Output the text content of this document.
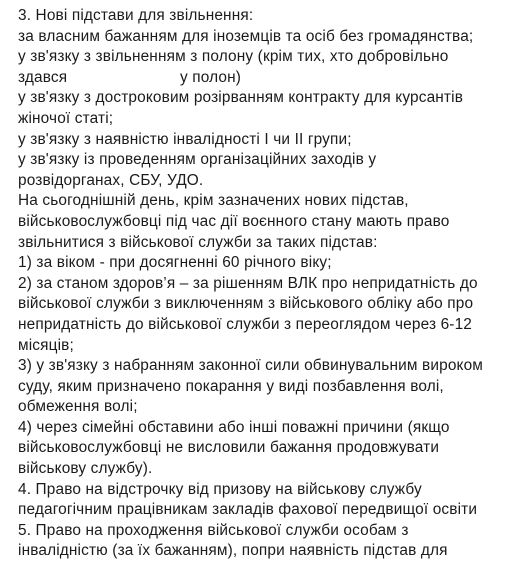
3. Нові підстави для звільнення:
за власним бажанням для іноземців та осіб без громадянства;
у зв'язку з звільненням з полону (крім тих, хто добровільно
здався	у полон)
у зв'язку з достроковим розірванням контракту для курсантів
жіночої статі;
у зв'язку з наявністю інвалідності І чи ІІ групи;
у зв'язку із проведенням організаційних заходів у
розвідорганах, СБУ, УДО.
На сьогоднішній день, крім зазначених нових підстав,
військовослужбовці під час дії воєнного стану мають право
звільнитися з військової служби за таких підстав:
1) за віком - при досягненні 60 річного віку;
2) за станом здоров’я – за рішенням ВЛК про непридатність до
військової служби з виключенням з військового обліку або про
непридатність до військової служби з переоглядом через 6-12
місяців;
3) у зв'язку з набранням законної сили обвинувальним вироком
суду, яким призначено покарання у виді позбавлення волі,
обмеження волі;
4) через сімейні обставини або інші поважні причини (якщо
військовослужбовці не висловили бажання продовжувати
військову службу).
4. Право на відстрочку від призову на військову службу
педагогічним працівникам закладів фахової передвищої освіти
5. Право на проходження військової служби особам з
інвалідністю (за їх бажанням), попри наявність підстав для
